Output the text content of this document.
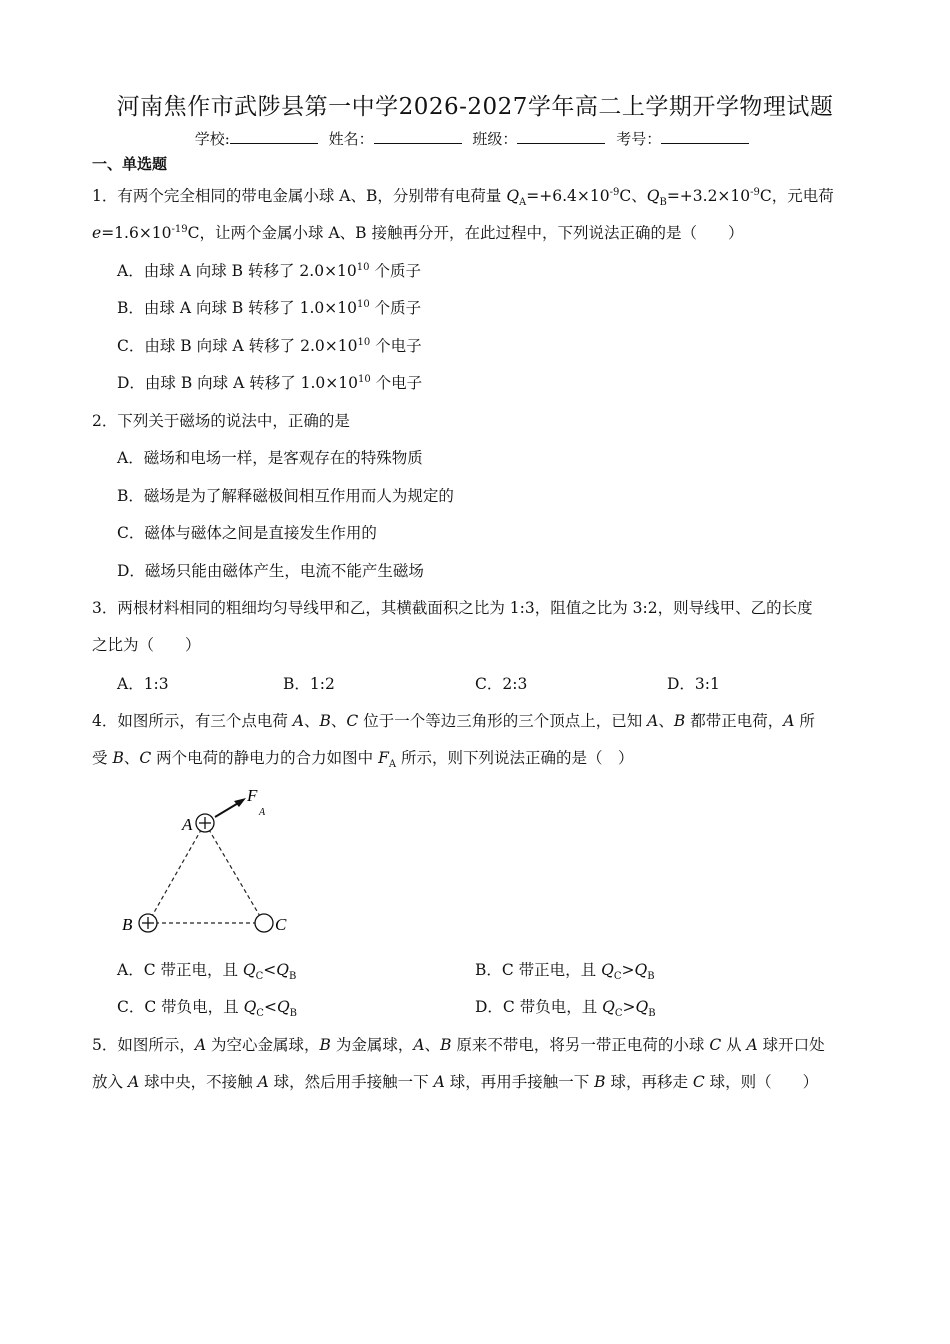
河南焦作市武陟县第一中学2026-2027学年高二上学期开学物理试题
学校:	姓名：	班级：	考号：
一、单选题
1．有两个完全相同的带电金属小球 A、B，分别带有电荷量 $Q_A=+6.4\times 10^{-9}C$、$Q_B=+3.2\times 10^{-9}C$，元电荷
$e=1.6\times 10^{-19}C$，让两个金属小球 A、B 接触再分开，在此过程中，下列说法正确的是（　　）
A．由球 A 向球 B 转移了 $2.0\times 10^{10}$ 个质子
B．由球 A 向球 B 转移了 $1.0\times 10^{10}$ 个质子
C．由球 B 向球 A 转移了 $2.0\times 10^{10}$ 个电子
D．由球 B 向球 A 转移了 $1.0\times 10^{10}$ 个电子
2．下列关于磁场的说法中，正确的是
A．磁场和电场一样，是客观存在的特殊物质
B．磁场是为了解释磁极间相互作用而人为规定的
C．磁体与磁体之间是直接发生作用的
D．磁场只能由磁体产生，电流不能产生磁场
3．两根材料相同的粗细均匀导线甲和乙，其横截面积之比为 1:3，阻值之比为 3:2，则导线甲、乙的长度
之比为（　　）
A．1:3	B．1:2	C．2:3	D．3:1
4．如图所示，有三个点电荷 A、B、C 位于一个等边三角形的三个顶点上，已知 A、B 都带正电荷，A 所
受 B、C 两个电荷的静电力的合力如图中 $F_A$ 所示，则下列说法正确的是（　）
A
B	C
F
A
A．C 带正电，且 $Q_C<Q_B$	B．C 带正电，且 $Q_C>Q_B$
C．C 带负电，且 $Q_C<Q_B$	D．C 带负电，且 $Q_C>Q_B$
5．如图所示，A 为空心金属球，B 为金属球，A、B 原来不带电，将另一带正电荷的小球 C 从 A 球开口处
放入 A 球中央，不接触 A 球，然后用手接触一下 A 球，再用手接触一下 B 球，再移走 C 球，则（　　）
